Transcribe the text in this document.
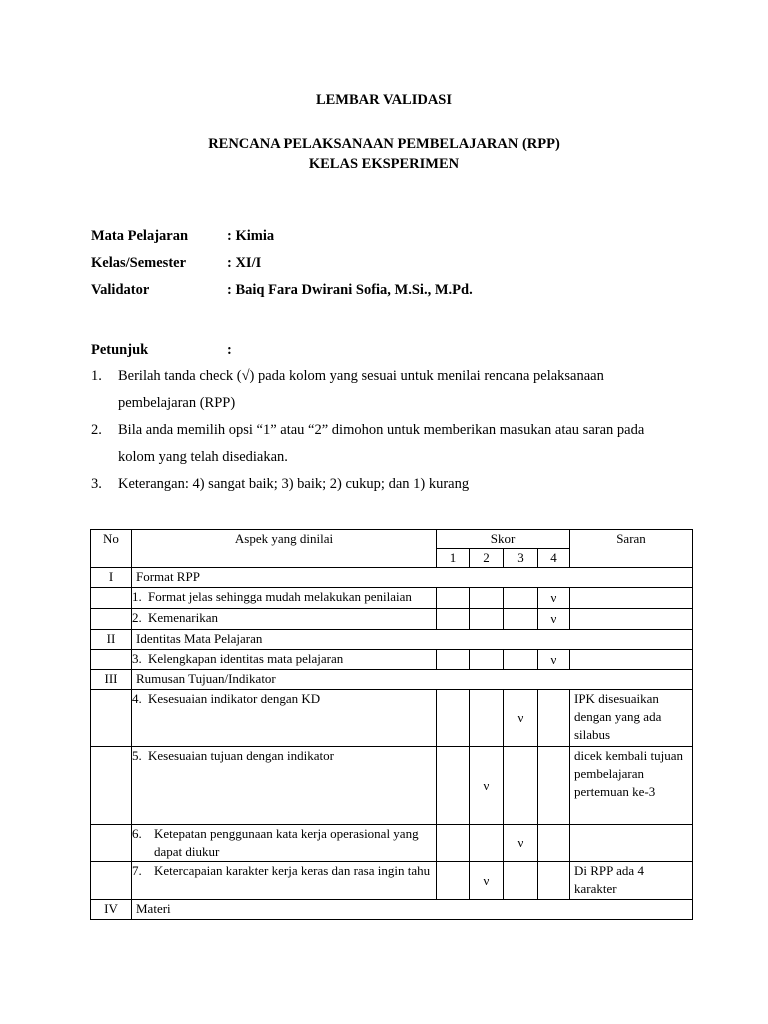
LEMBAR VALIDASI
RENCANA PELAKSANAAN PEMBELAJARAN (RPP)
KELAS EKSPERIMEN
Mata Pelajaran	: Kimia
Kelas/Semester	: XI/I
Validator	: Baiq Fara Dwirani Sofia, M.Si., M.Pd.
Petunjuk	:
1. Berilah tanda check (√) pada kolom yang sesuai untuk menilai rencana pelaksanaan
pembelajaran (RPP)
2. Bila anda memilih opsi “1” atau “2” dimohon untuk memberikan masukan atau saran pada
kolom yang telah disediakan.
3. Keterangan: 4) sangat baik; 3) baik; 2) cukup; dan 1) kurang
No	Aspek yang dinilai	Skor				Saran
		1	2	3	4	
I	Format RPP					
	1. Format jelas sehingga mudah melakukan penilaian				ν	
	2. Kemenarikan				ν	
II	Identitas Mata Pelajaran					
	3. Kelengkapan identitas mata pelajaran				ν	
III	Rumusan Tujuan/Indikator					
	4. Kesesuaian indikator dengan KD			ν		IPK disesuaikan dengan yang ada silabus
	5. Kesesuaian tujuan dengan indikator		ν			dicek kembali tujuan pembelajaran pertemuan ke-3

	6. Ketepatan penggunaan kata kerja operasional yang dapat diukur			ν		

	7. Ketercapaian karakter kerja keras dan rasa ingin tahu		ν			Di RPP ada 4 karakter
IV	Materi					
